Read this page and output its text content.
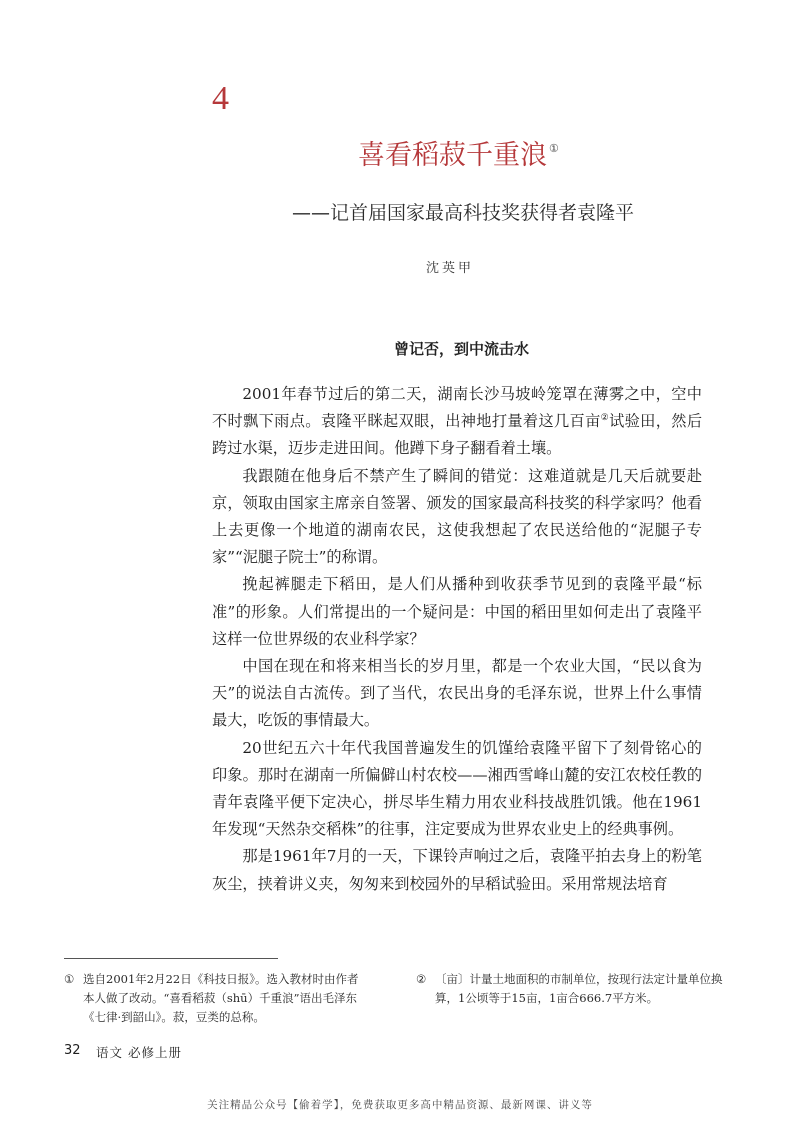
4
喜看稻菽千重浪 ①
——记首届国家最高科技奖获得者袁隆平
沈英甲
曾记否，到中流击水

2001年春节过后的第二天，湖南长沙马坡岭笼罩在薄雾之中，空中不时飘下雨点。袁隆平眯起双眼，出神地打量着这几百亩②试验田，然后跨过水渠，迈步走进田间。他蹲下身子翻看着土壤。

我跟随在他身后不禁产生了瞬间的错觉：这难道就是几天后就要赴京，领取由国家主席亲自签署、颁发的国家最高科技奖的科学家吗？他看上去更像一个地道的湖南农民，这使我想起了农民送给他的“泥腿子专家”“泥腿子院士”的称谓。

挽起裤腿走下稻田，是人们从播种到收获季节见到的袁隆平最“标准”的形象。人们常提出的一个疑问是：中国的稻田里如何走出了袁隆平这样一位世界级的农业科学家？

中国在现在和将来相当长的岁月里，都是一个农业大国，“民以食为天”的说法自古流传。到了当代，农民出身的毛泽东说，世界上什么事情最大，吃饭的事情最大。

20世纪五六十年代我国普遍发生的饥馑给袁隆平留下了刻骨铭心的印象。那时在湖南一所偏僻山村农校——湘西雪峰山麓的安江农校任教的青年袁隆平便下定决心，拼尽毕生精力用农业科技战胜饥饿。他在1961年发现“天然杂交稻株”的往事，注定要成为世界农业史上的经典事例。

那是1961年7月的一天，下课铃声响过之后，袁隆平拍去身上的粉笔灰尘，挟着讲义夹，匆匆来到校园外的早稻试验田。采用常规法培育

① 选自2001年2月22日《科技日报》。选入教材时由作者本人做了改动。“喜看稻菽（shū）千重浪”语出毛泽东《七律·到韶山》。菽，豆类的总称。
② 〔亩〕计量土地面积的市制单位，按现行法定计量单位换算，1公顷等于15亩，1亩合666.7平方米。
32 语文 必修上册
关注精品公众号【偷着学】，免费获取更多高中精品资源、最新网课、讲义等
